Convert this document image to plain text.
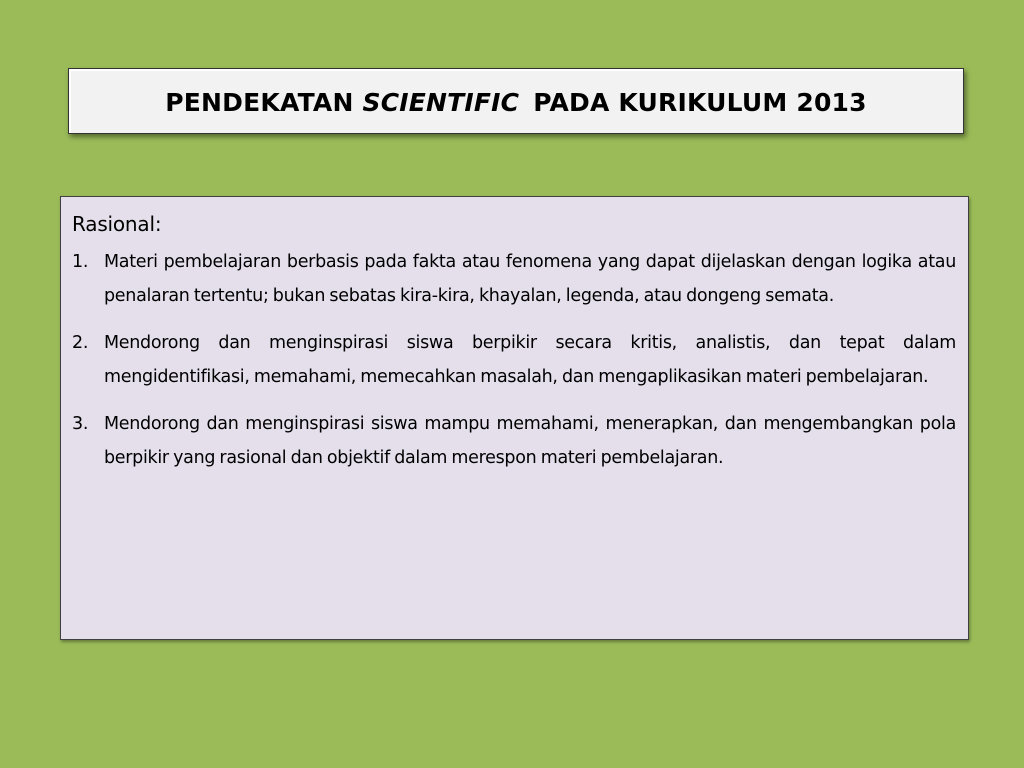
PENDEKATAN SCIENTIFIC PADA KURIKULUM 2013

Rasional:

1. Materi pembelajaran berbasis pada fakta atau fenomena yang dapat dijelaskan dengan logika atau penalaran tertentu; bukan sebatas kira-kira, khayalan, legenda, atau dongeng semata.
2. Mendorong dan menginspirasi siswa berpikir secara kritis, analistis, dan tepat dalam mengidentifikasi, memahami, memecahkan masalah, dan mengaplikasikan materi pembelajaran.
3. Mendorong dan menginspirasi siswa mampu memahami, menerapkan, dan mengembangkan pola berpikir yang rasional dan objektif dalam merespon materi pembelajaran.
